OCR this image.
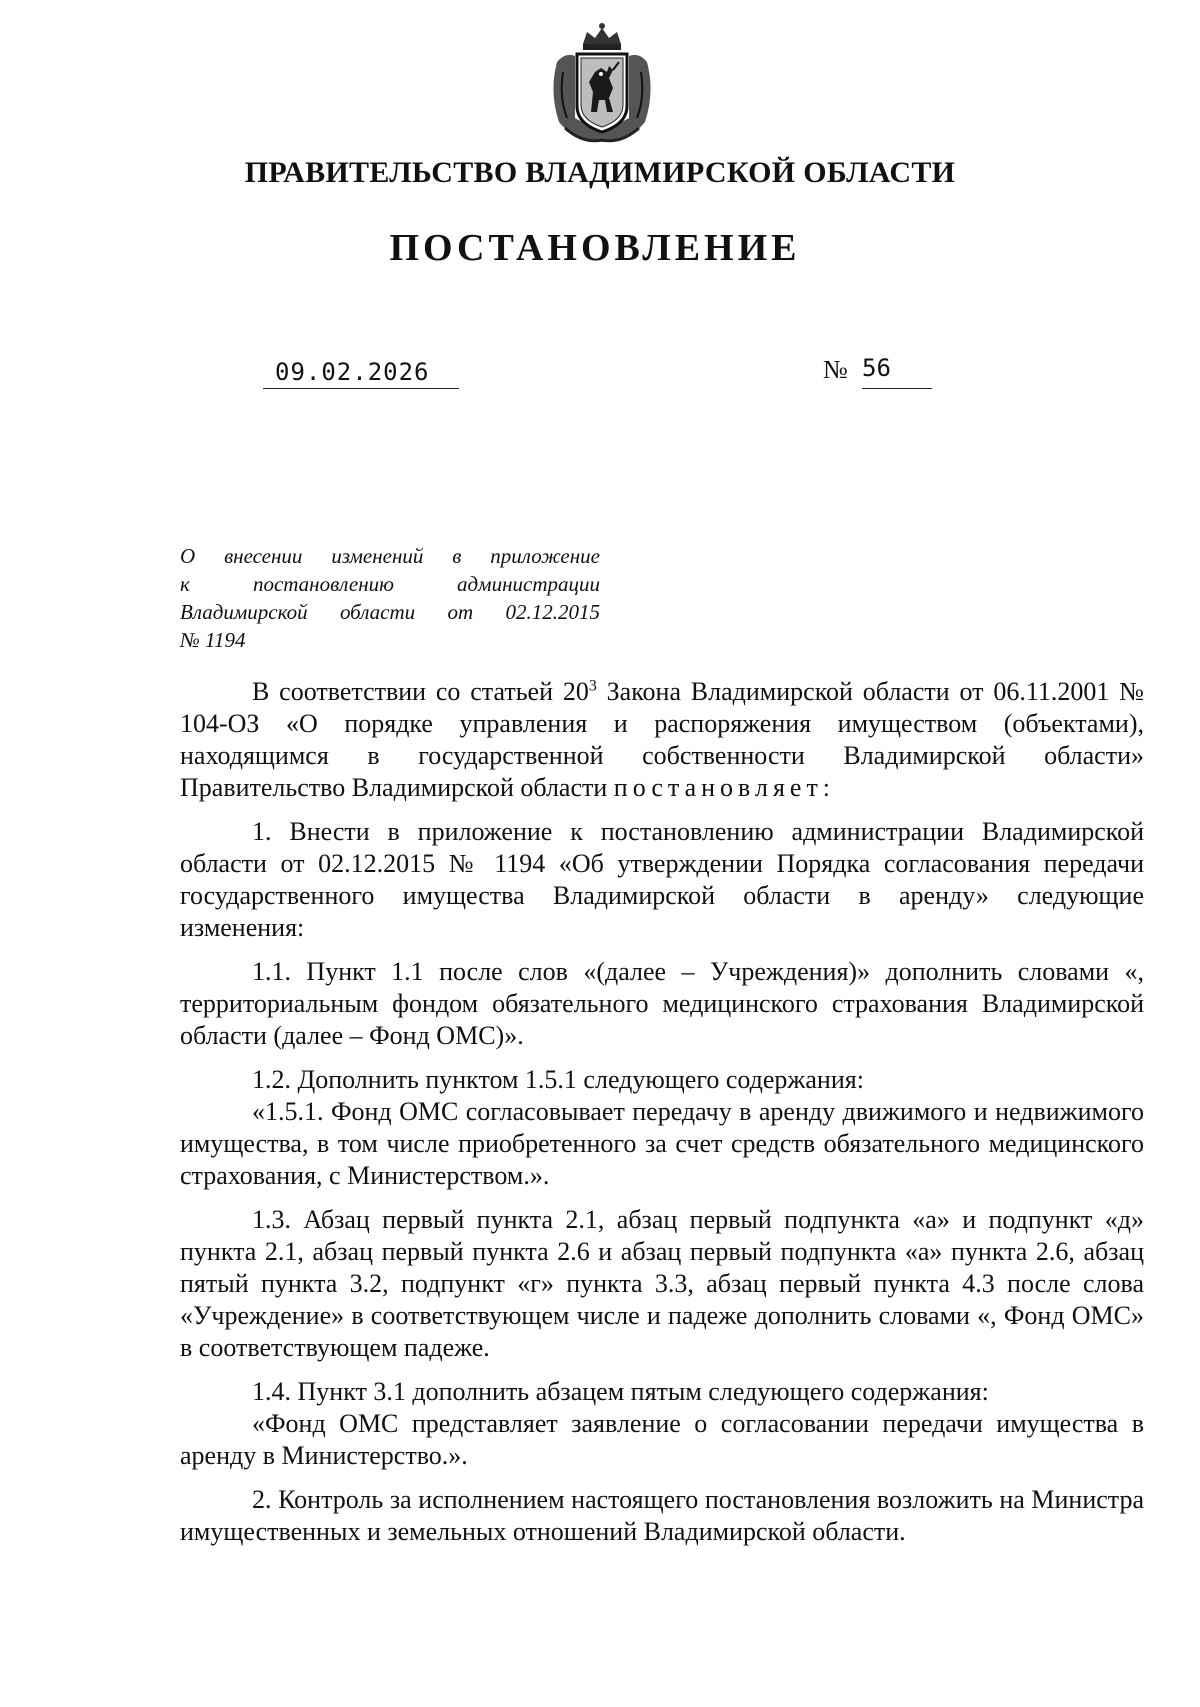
ПРАВИТЕЛЬСТВО ВЛАДИМИРСКОЙ ОБЛАСТИ
ПОСТАНОВЛЕНИЕ
09.02.2026	№ 56
О внесении изменений в приложение
к постановлению администрации
Владимирской области от 02.12.2015
№ 1194

В соответствии со статьей $20^3$ Закона Владимирской области от 06.11.2001 № 104-ОЗ «О порядке управления и распоряжения имуществом (объектами), находящимся в государственной собственности Владимирской области» Правительство Владимирской области постановляет:

1. Внести в приложение к постановлению администрации Владимирской области от 02.12.2015 № 1194 «Об утверждении Порядка согласования передачи государственного имущества Владимирской области в аренду» следующие изменения:

1.1. Пункт 1.1 после слов «(далее – Учреждения)» дополнить словами «, территориальным фондом обязательного медицинского страхования Владимирской области (далее – Фонд ОМС)».

1.2. Дополнить пунктом 1.5.1 следующего содержания:

«1.5.1. Фонд ОМС согласовывает передачу в аренду движимого и недвижимого имущества, в том числе приобретенного за счет средств обязательного медицинского страхования, с Министерством.».

1.3. Абзац первый пункта 2.1, абзац первый подпункта «а» и подпункт «д» пункта 2.1, абзац первый пункта 2.6 и абзац первый подпункта «а» пункта 2.6, абзац пятый пункта 3.2, подпункт «г» пункта 3.3, абзац первый пункта 4.3 после слова «Учреждение» в соответствующем числе и падеже дополнить словами «, Фонд ОМС» в соответствующем падеже.

1.4. Пункт 3.1 дополнить абзацем пятым следующего содержания:

«Фонд ОМС представляет заявление о согласовании передачи имущества в аренду в Министерство.».

2. Контроль за исполнением настоящего постановления возложить на Министра имущественных и земельных отношений Владимирской области.
